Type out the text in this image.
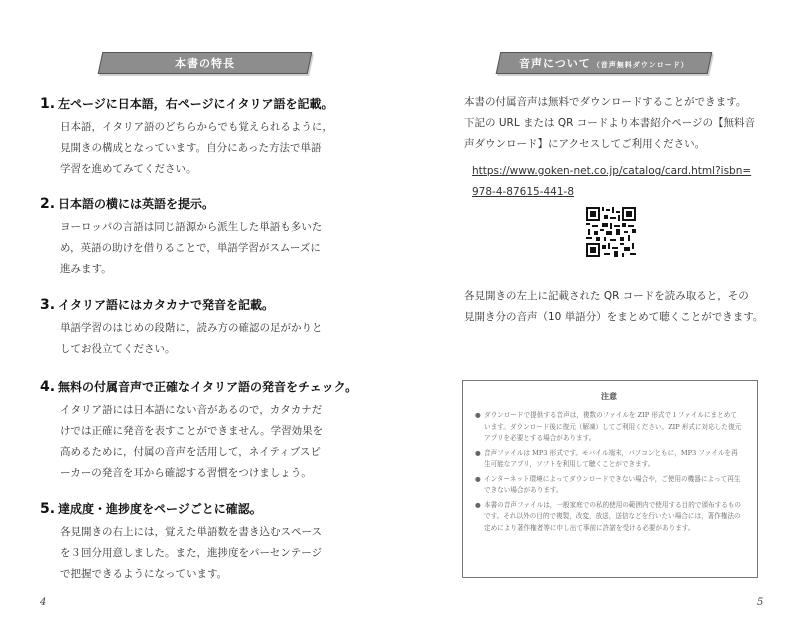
本書の特長
1. 左ページに日本語，右ページにイタリア語を記載。
日本語，イタリア語のどちらからでも覚えられるように，
見開きの構成となっています。自分にあった方法で単語
学習を進めてみてください。
2. 日本語の横には英語を提示。
ヨーロッパの言語は同じ語源から派生した単語も多いた
め，英語の助けを借りることで，単語学習がスムーズに
進みます。
3. イタリア語にはカタカナで発音を記載。
単語学習のはじめの段階に，読み方の確認の足がかりと
してお役立てください。
4. 無料の付属音声で正確なイタリア語の発音をチェック。
イタリア語には日本語にない音があるので，カタカナだ
けでは正確に発音を表すことができません。学習効果を
高めるために，付属の音声を活用して，ネイティブスピ
ーカーの発音を耳から確認する習慣をつけましょう。
5. 達成度・進捗度をページごとに確認。
各見開きの右上には，覚えた単語数を書き込むスペース
を３回分用意しました。また，進捗度をパーセンテージ
で把握できるようになっています。
4
音声について （音声無料ダウンロード）
本書の付属音声は無料でダウンロードすることができます。
下記の URL または QR コードより本書紹介ページの【無料音
声ダウンロード】にアクセスしてご利用ください。
https://www.goken-net.co.jp/catalog/card.html?isbn=
978-4-87615-441-8
各見開きの左上に記載された QR コードを読み取ると，その
見開き分の音声（10 単語分）をまとめて聴くことができます。
注意
● ダウンロードで提供する音声は，複数のファイルを ZIP 形式で１ファイルにまとめています。ダウンロード後に復元（解凍）してご利用ください。ZIP 形式に対応した復元アプリを必要とする場合があります。
● 音声ファイルは MP3 形式です。モバイル端末，パソコンともに，MP3 ファイルを再生可能なアプリ，ソフトを利用して聴くことができます。
● インターネット環境によってダウンロードできない場合や，ご使用の機器によって再生できない場合があります。
● 本書の音声ファイルは，一般家庭での私的使用の範囲内で使用する目的で頒布するものです。それ以外の目的で複製，改変，放送，送信などを行いたい場合には，著作権法の定めにより著作権者等に申し出て事前に許諾を受ける必要があります。
5
